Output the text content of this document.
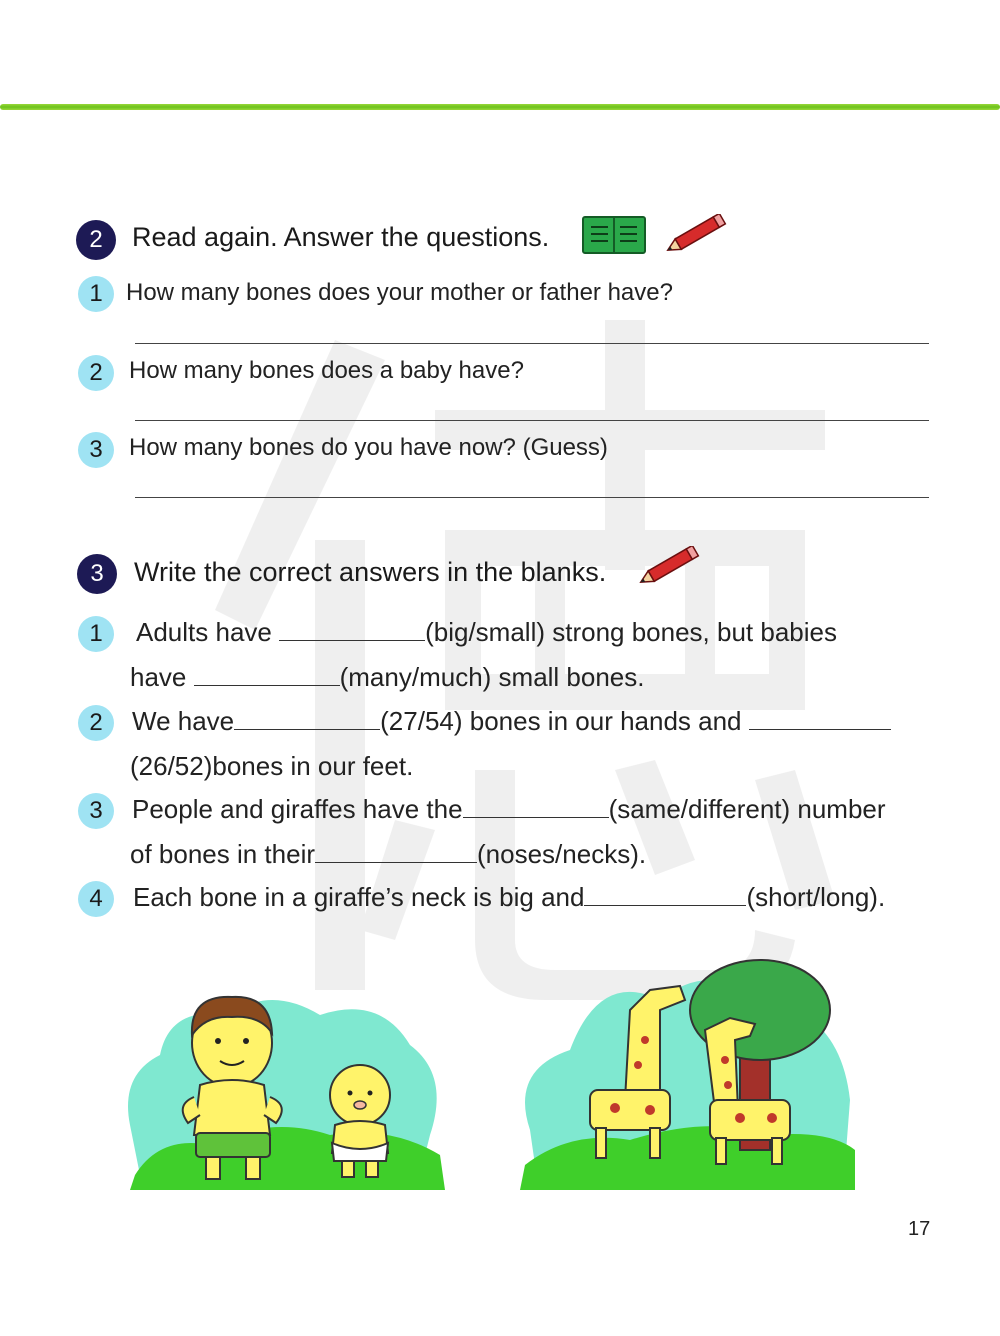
2	Read again. Answer the questions.
1 How many bones does your mother or father have?
2	How many bones does a baby have?
3	How many bones do you have now? (Guess)
3	Write the correct answers in the blanks.
1	Adults have	(big/small) strong bones, but babies
have	(many/much) small bones.
2	We have	(27/54) bones in our hands and
(26/52)bones in our feet.
3	People and giraffes have the	(same/different) number
of bones in their	(noses/necks).
4	Each bone in a giraffe’s neck is big and	(short/long).
17
